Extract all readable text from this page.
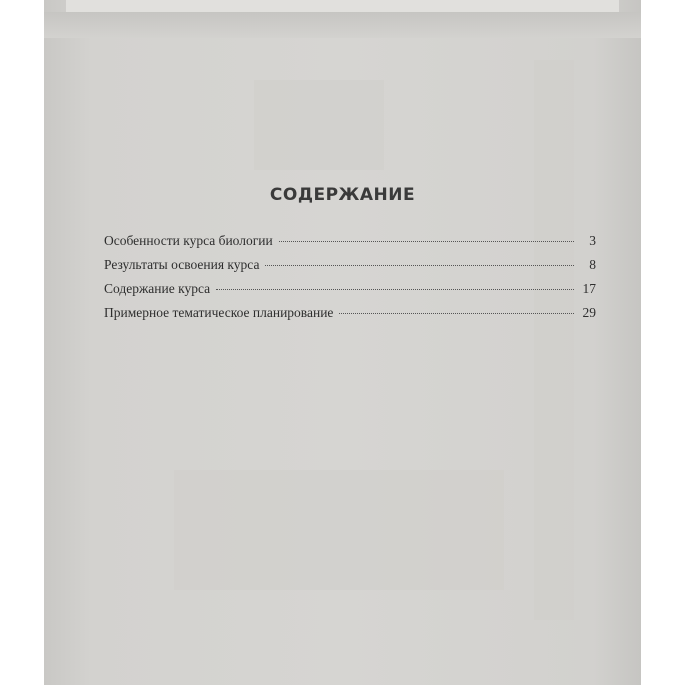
СОДЕРЖАНИЕ
Особенности курса биологии	3
Результаты освоения курса	8
Содержание курса	17
Примерное тематическое планирование	29
